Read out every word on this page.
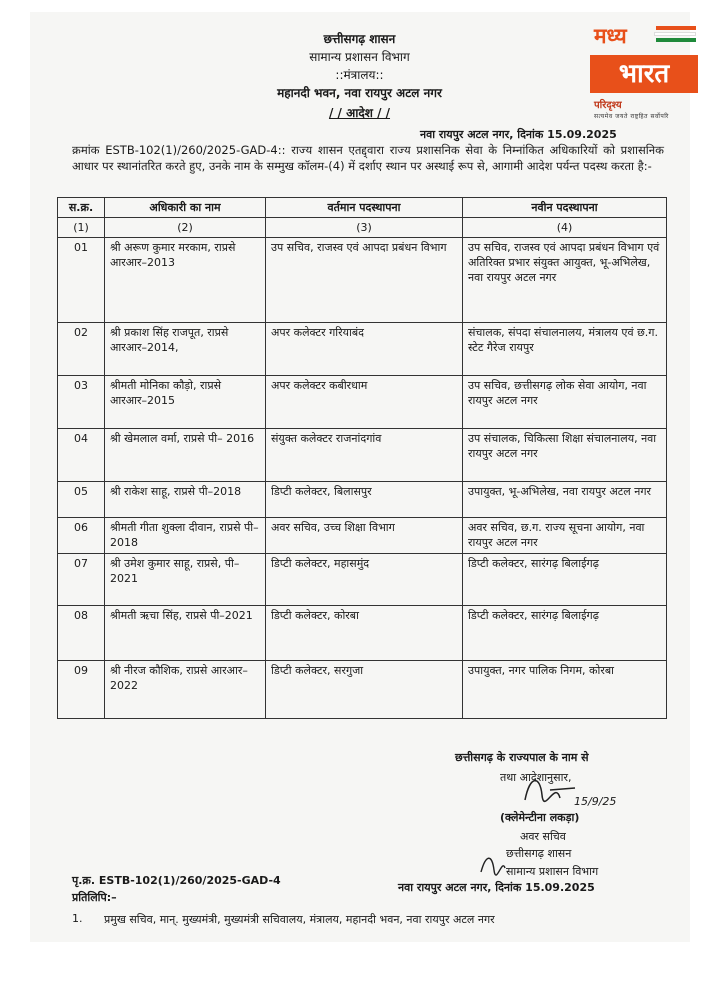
छत्तीसगढ़ शासन
सामान्य प्रशासन विभाग
::मंत्रालय::
महानदी भवन, नवा रायपुर अटल नगर
/ / आदेश / /
मध्य
भारत
परिदृश्य
सत्यमेव जयते राष्ट्रहित सर्वोपरि
नवा रायपुर अटल नगर, दिनांक 15.09.2025
क्रमांक ESTB-102(1)/260/2025-GAD-4:: राज्य शासन एतद्द्वारा राज्य प्रशासनिक सेवा के निम्नांकित अधिकारियों को प्रशासनिक आधार पर स्थानांतरित करते हुए, उनके नाम के सम्मुख कॉलम-(4) में दर्शाए स्थान पर अस्थाई रूप से, आगामी आदेश पर्यन्त पदस्थ करता है:-
स.क्र.	अधिकारी का नाम	वर्तमान पदस्थापना	नवीन पदस्थापना
(1)	(2)	(3)	(4)
01	श्री अरूण कुमार मरकाम, राप्रसे आरआर–2013	उप सचिव, राजस्व एवं आपदा प्रबंधन विभाग	उप सचिव, राजस्व एवं आपदा प्रबंधन विभाग एवं अतिरिक्त प्रभार संयुक्त आयुक्त, भू-अभिलेख, नवा रायपुर अटल नगर
02	श्री प्रकाश सिंह राजपूत, राप्रसे आरआर–2014,	अपर कलेक्टर गरियाबंद	संचालक, संपदा संचालनालय, मंत्रालय एवं छ.ग. स्टेट गैरेज रायपुर
03	श्रीमती मोनिका कौड़ो, राप्रसे आरआर–2015	अपर कलेक्टर कबीरधाम	उप सचिव, छत्तीसगढ़ लोक सेवा आयोग, नवा रायपुर अटल नगर
04	श्री खेमलाल वर्मा, राप्रसे पी– 2016	संयुक्त कलेक्टर राजनांदगांव	उप संचालक, चिकित्सा शिक्षा संचालनालय, नवा रायपुर अटल नगर
05	श्री राकेश साहू, राप्रसे पी–2018	डिप्टी कलेक्टर, बिलासपुर	उपायुक्त, भू-अभिलेख, नवा रायपुर अटल नगर
06	श्रीमती गीता शुक्ला दीवान, राप्रसे पी–2018	अवर सचिव, उच्च शिक्षा विभाग	अवर सचिव, छ.ग. राज्य सूचना आयोग, नवा रायपुर अटल नगर
07	श्री उमेश कुमार साहू, राप्रसे, पी–2021	डिप्टी कलेक्टर, महासमुंद	डिप्टी कलेक्टर, सारंगढ़ बिलाईगढ़
08	श्रीमती ऋचा सिंह, राप्रसे पी–2021	डिप्टी कलेक्टर, कोरबा	डिप्टी कलेक्टर, सारंगढ़ बिलाईगढ़
09	श्री नीरज कौशिक, राप्रसे आरआर–2022	डिप्टी कलेक्टर, सरगुजा	उपायुक्त, नगर पालिक निगम, कोरबा
छत्तीसगढ़ के राज्यपाल के नाम से
तथा आदेशानुसार,
15/9/25
(क्लेमेन्टीना लकड़ा)
अवर सचिव
छत्तीसगढ़ शासन
सामान्य प्रशासन विभाग
पृ.क्र. ESTB-102(1)/260/2025-GAD-4
नवा रायपुर अटल नगर, दिनांक 15.09.2025
प्रतिलिपि:–
1. प्रमुख सचिव, मान्. मुख्यमंत्री, मुख्यमंत्री सचिवालय, मंत्रालय, महानदी भवन, नवा रायपुर अटल नगर
